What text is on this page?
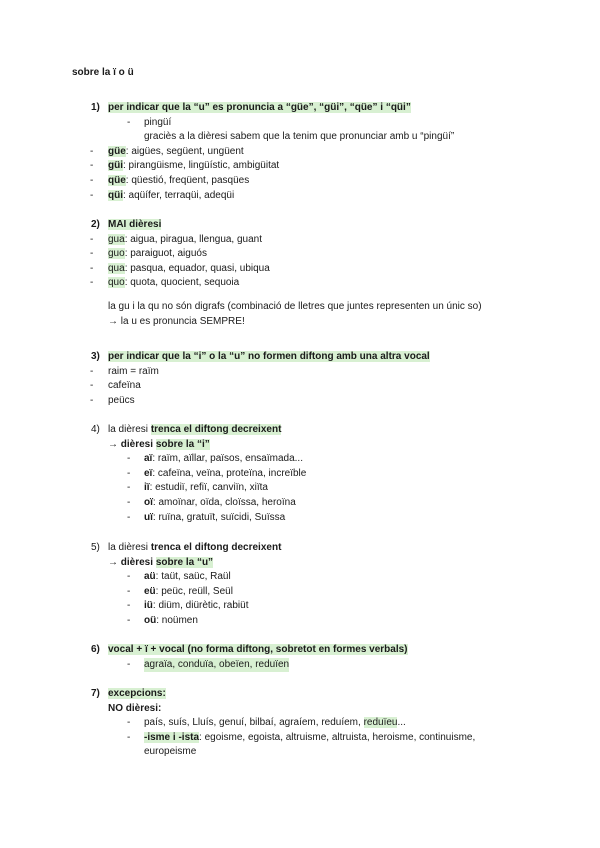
sobre la ï o ü
1) per indicar que la “u” es pronuncia a “güe”, “güi”, “qüe” i “qüi”
- pingüí
graciès a la dièresi sabem que la tenim que pronunciar amb u “pingüí”
- güe: aigües, següent, ungüent
- güi: pirangüisme, lingüístic, ambigüitat
- qüe: qüestió, freqüent, pasqües
- qüi: aqüífer, terraqüi, adeqüi
2) MAI dièresi
- gua: aigua, piragua, llengua, guant
- guo: paraiguot, aiguós
- qua: pasqua, equador, quasi, ubiqua
- quo: quota, quocient, sequoia
la gu i la qu no són digrafs (combinació de lletres que juntes representen un únic so)
→ la u es pronuncia SEMPRE!
3) per indicar que la “i” o la “u” no formen diftong amb una altra vocal
- raim = raïm
- cafeïna
- peücs
4) la dièresi trenca el diftong decreixent
→ dièresi sobre la “i”
- aï: raïm, aïllar, països, ensaïmada...
- eï: cafeïna, veïna, proteïna, increïble
- iï: estudiï, refiï, canviïn, xiïta
- oï: amoïnar, oïda, cloïssa, heroïna
- uï: ruïna, gratuït, suïcidi, Suïssa
5) la dièresi trenca el diftong decreixent
→ dièresi sobre la “u”
- aü: taüt, saüc, Raül
- eü: peüc, reüll, Seül
- iü: diüm, diürètic, rabiüt
- oü: noümen
6) vocal + ï + vocal (no forma diftong, sobretot en formes verbals)
- agraïa, conduïa, obeïen, reduïen
7) excepcions:
NO dièresi:
- país, suís, Lluís, genuí, bilbaí, agraíem, reduíem, reduïeu...
- -isme i -ista: egoisme, egoista, altruisme, altruista, heroisme, continuisme, europeisme
